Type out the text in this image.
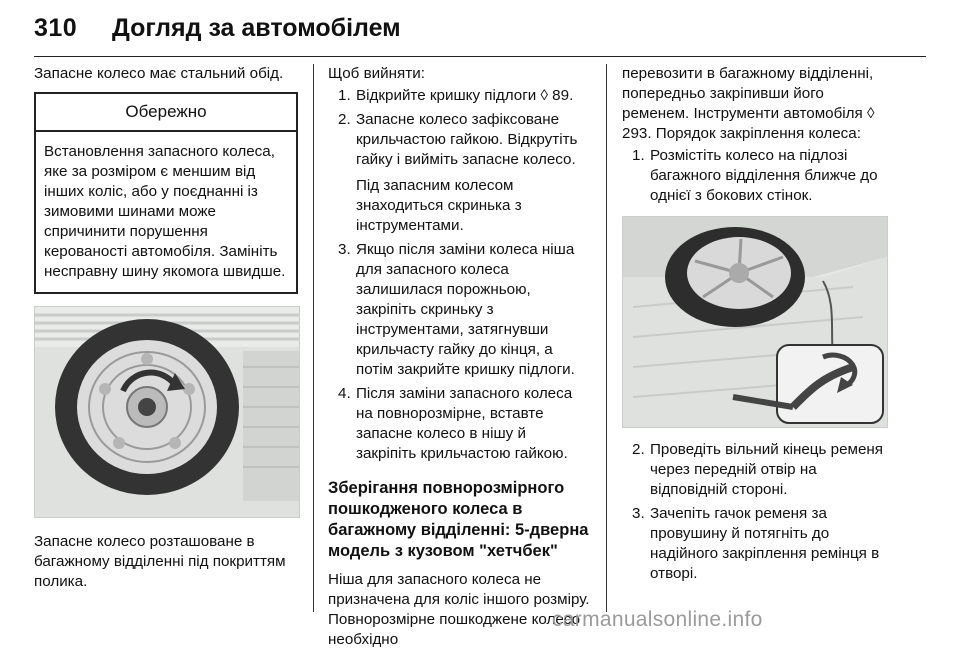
310 Догляд за автомобілем

Запасне колесо має стальний обід.

Обережно
Встановлення запасного колеса, яке за розміром є меншим від інших коліс, або у поєднанні із зимовими шинами може спричинити порушення керованості автомобіля. Замініть несправну шину якомога швидше.

Запасне колесо розташоване в багажному відділенні під покриттям полика.

Щоб вийняти:

1. Відкрийте кришку підлоги ◊ 89.
2. Запасне колесо зафіксоване крильчастою гайкою. Відкрутіть гайку і вийміть запасне колесо.

Під запасним колесом знаходиться скринька з інструментами.

3. Якщо після заміни колеса ніша для запасного колеса залишилася порожньою, закріпіть скриньку з інструментами, затягнувши крильчасту гайку до кінця, а потім закрийте кришку підлоги.
4. Після заміни запасного колеса на повнорозмірне, вставте запасне колесо в нішу й закріпіть крильчастою гайкою.

Зберігання повнорозмірного пошкодженого колеса в багажному відділенні: 5-дверна модель з кузовом "хетчбек"

Ніша для запасного колеса не призначена для коліс іншого розміру. Повнорозмірне пошкоджене колесо необхідно

перевозити в багажному відділенні, попередньо закріпивши його ременем. Інструменти автомобіля ◊ 293. Порядок закріплення колеса:

1. Розмістіть колесо на підлозі багажного відділення ближче до однієї з бокових стінок.
2. Проведіть вільний кінець ременя через передній отвір на відповідній стороні.
3. Зачепіть гачок ременя за провушину й потягніть до надійного закріплення ремінця в отворі.
carmanualsonline.info
